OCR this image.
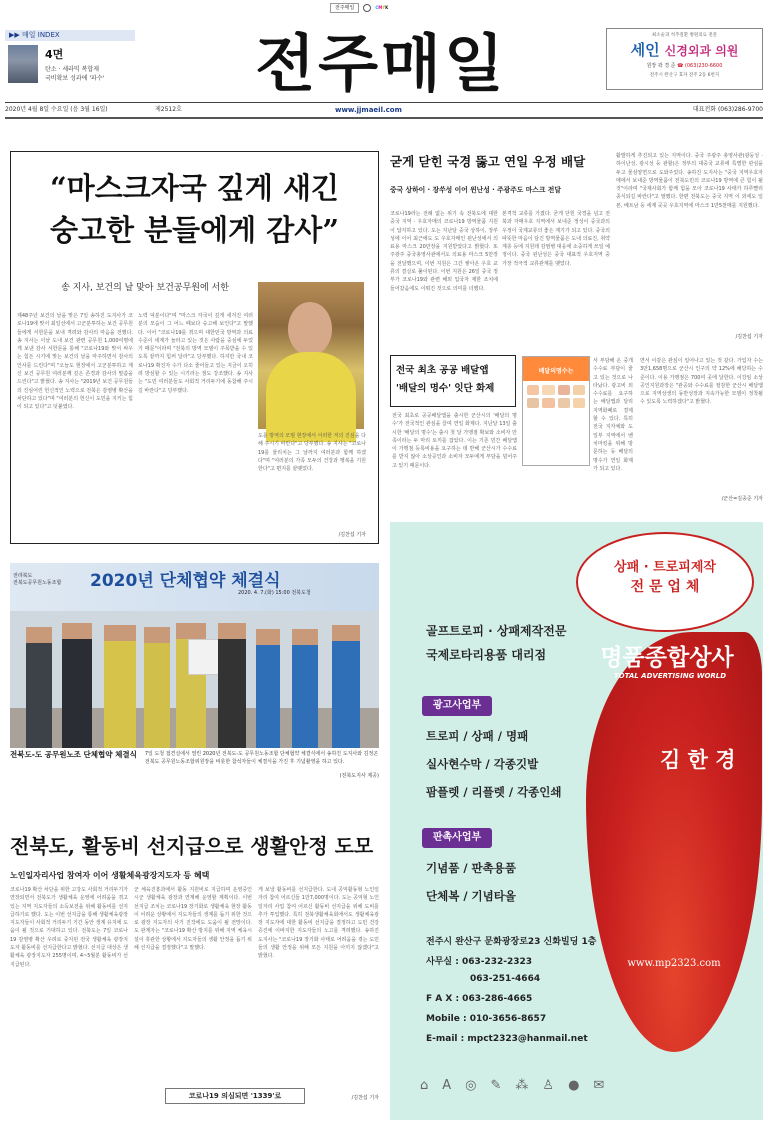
전주매일	CMYK
▶▶ 매일 INDEX
4면
탄소 · 세라믹 복합재
국비확보 성과에 '파수' 전주매일	최소술과 척추질환 병원의료 전문
세인 신경외과 의원
원장 곽 경 준 ☎ (063)230-6600
전주시 완산구 효자 전주 2동 6번지
2020년 4월 8일 수요일 (음 3월 16일)	제2512호	www.jjmaeil.com	대표전화 (063)286-9700
“마스크자국 깊게 새긴
숭고한 분들에게 감사”
송 지사, 보건의 날 맞아 보건공무원에 서한
제48주년 보건의 날을 맞은 7일 송하진 도지사가 코로나19에 맞서 최일선에서 고군분투하는 보건 공무원들에게 서한문을 보내 격려와 감사의 마음을 전했다. 송 지사는 이날 도내 보건 관련 공무원 1,000여명에게 보낸 감사 서한문을 통해 "코로나19와 맞서 싸우는 힘든 시기에 맞는 보건의 날을 마주하면서 감사의 인사를 드린다"며 "오늘도 현장에서 고군분투하고 계신 보건 공무원 여러분께 깊은 존경과 감사의 말씀을 드린다"고 밝혔다. 송 지사는 "2019년 보건 공무원들의 진심어린 헌신적인 노력으로 전북은 감염병 확산을 차단하고 있다"며 "여러분의 헌신이 도민을 지키는 힘이 되고 있다"고 덧붙였다.
노력 덕분이다"며 "마스크 자국이 깊게 새겨진 여러분의 모습이 그 어느 때보다 숭고해 보인다"고 말했다. 이어 "코로나19를 겪으며 대한민국 방역과 의료 수준이 세계가 놀라고 있는 것은 사람을 중심에 두었기 때문"이라며 "전북의 방역 모델이 주목받을 수 있도록 끝까지 힘써 달라"고 당부했다. 하지만 국내 코로나19 확진자 수가 다소 줄어들고 있는 지금이 오히려 방심할 수 있는 시기라는 점도 강조했다. 송 지사는 "도민 여러분들도 사회적 거리두기에 동참해 주시길 바란다"고 당부했다.
도를 방역의 모범 현장에서 이러한 저의 진심을 다해 주시기 바란다"고 당부했다. 송 지사는 "코로나19를 물리치는 그 날까지 여러분과 함께 하겠다"며 "여러분의 가족 모두의 건강과 행복을 기원한다"고 편지를 끝맺었다.
/김찬섭 기자
전라북도
전북도공무원노동조합 2020년 단체협약 체결식
2020. 4. 7.(화) 15:00 전북도청
전북도-도 공무원노조 단체협약 체결식 7일 도청 접견실에서 열린 2020년 전북도-도 공무원노동조합 단체협약 체결식에서 송하진 도지사와 김정곤 전북도 공무원노동조합위원장을 비롯한 참석자들이 체결식을 가진 후 기념촬영을 하고 있다.
(전북도지사 제공)
전북도, 활동비 선지급으로 생활안정 도모
노인일자리사업 참여자 이어 생활체육광장지도자 등 혜택
코로나19 확산 차단을 위한 고강도 사회적 거리두기가 연장되면서 전북도가 생활체육 운영에 어려움을 겪고 있는 지역 지도자들의 소득보전을 위해 활동비를 선지급하기로 했다. 도는 이번 선지급을 통해 생활체육광장지도자들이 사회적 거리두기 기간 동안 생계 유지에 도움이 될 것으로 기대하고 있다. 전북도는 7일 코로나19 감염병 확산 우려로 중지된 전국 생활체육 광장지도자 활동비를 선지급한다고 밝혔다. 선지급 대상은 생활체육 광장지도자 255명이며, 4~5월분 활동비가 선지급된다.
군 체육진흥과에서 활동 지원비로 지급하며 운영중인 시군 생활체육 광장과 연계해 운영할 계획이다. 이번 선지급 조치는 코로나19 장기화로 생활체육 현장 활동이 어려운 상황에서 지도자들의 생계를 돕기 위한 것으로 광장 지도자의 사기 진작에도 도움이 될 전망이다. 도 관계자는 "코로나19 확산 방지를 위해 지역 체육시설이 휴관한 상황에서 지도자들의 생활 안정을 돕기 위해 선지급을 결정했다"고 말했다.
게 보낼 활동비를 선지급한다. 도내 공익활동형 노인일자리 참여 어르신들 1만7,000명이다. 도는 공익형 노인일자리 사업 참여 어르신 활동비 선지급을 위해 도비를 추가 투입했다. 특히 전북생활체육회에서도 생활체육광장 지도자에 대한 활동비 선지급을 결정하고 도민 건강 증진에 이바지한 지도자들의 노고를 격려했다. 송하진 도지사는 "코로나19 장기화 사태로 어려움을 겪는 도민들의 생활 안정을 위해 모든 지원을 아끼지 않겠다"고 밝혔다.
/김찬섭 기자
코로나19 의심되면 '1339'로
굳게 닫힌 국경 뚫고 연일 우정 배달
중국 상하이 · 장쑤성 이어 윈난성 · 주광주도 마스크 전달
코로나19라는 전례 없는 위기 속 전북도에 대한 중국 지역 · 우호자매의 코로나19 방역물품 지원이 답지하고 있다. 도는 지난달 중국 상하이, 장쑤성에 이어 최근에도 도 우호자매인 윈난성에서 의료용 마스크 20만장을 지원받았다고 밝혔다. 또 주광주 중국총영사관에서도 의료용 마스크 5만장을 전달했으며, 이번 지원은 그간 쌓아온 우호 교류의 결실로 풀이된다. 이번 지원은 26일 중국 정부가 코로나19와 관련 해외 입국자 제한 조치에 들어갔음에도 이뤄진 것으로 의미를 더했다.
본격적 교류를 가졌다. 굳게 닫힌 국경을 넘고 전북과 자매우호 지역에서 보내준 정성이 중국과의 우정이 국제교류의 좋은 계기가 되고 있다. 중국의 따뜻한 마음이 담긴 방역물품은 도내 의료진, 취약계층 등에 지원돼 감염병 대응에 소중하게 쓰일 예정이다. 중국 윈난성은 중국 대표적 우호지역 중 가장 적극적 교류관계를 맺었다.
활발하게 추진되고 있는 지역이다. 중국 주광주 총영사관(광둥성 · 하이난성, 광시성 등 관할)은 정부의 대중국 교류에 특별한 관심을 두고 물심양면으로 도와주었다. 송하진 도지사는 "중국 지역우호자매에서 보내준 방역물품이 전북도민의 코로나19 방역에 큰 힘이 될 것"이라며 "국제사회가 함께 힘을 모아 코로나19 사태가 하루빨리 종식되길 바란다"고 말했다. 한편 전북도는 중국 지역 이 외에도 일본, 베트남 등 세계 곳곳 우호지역에 마스크 1만5천매를 지원했다.
/김찬섭 기자
전국 최초 공공 배달앱
'배달의 명수' 잇단 화제
배달의명수는
전국 최초로 공공배달앱을 출시한 군산시의 '배달의 명수'가 전국적인 관심을 끌며 연일 화제다. 지난달 13일 출시한 '배달의 명수'는 출시 첫 달 가맹점 확보와 소비자 만족이라는 두 마리 토끼를 잡았다. 이는 기존 민간 배달앱이 가맹점 등록비용을 요구하는 데 반해 군산시가 수수료를 받지 않아 소상공인과 소비자 모두에게 부담을 덜어주고 있기 때문이다.
서 부담해 온 중개수수료 부담이 줄고 있는 것으로 나타났다. 광고비 외 수수료를 요구하는 배달앱과 달리 지역화폐로 결제할 수 있다. 특히 전국 지자체와 도 일부 지역에서 벤치마킹을 위해 방문하는 등 배달의 명수가 연일 화제가 되고 있다.
면서 이같은 관심이 일어나고 있는 것 같다. 가입자 수는 3만1,658명으로 군산시 인구의 약 12%에 해당하는 수준이다. 이용 가맹점은 700여 곳에 달한다. 이강임 소상공인지원과장은 "관공와 수수료를 절감한 군산시 배달앱으로 지역상생의 동반성장과 지속가능한 모델이 정착될 수 있도록 노력하겠다"고 밝혔다.
/군산=김종준 기자
상패 · 트로피제작
전 문 업 체
명품종합상사
TOTAL ADVERTISING WORLD
김 한 경
www.mp2323.com
골프트로피 · 상패제작전문
국제로타리용품 대리점
광고사업부
트로피 / 상패 / 명패
실사현수막 / 각종깃발
팜플렛 / 리플렛 / 각종인쇄
판촉사업부
기념품 / 판촉용품
단체복 / 기념타올
전주시 완산구 문화광장로23 신화빌딩 1층
사무실 : 063-232-2323
063-251-4664
F A X : 063-286-4665
Mobile : 010-3656-8657
E-mail : mpct2323@hanmail.net
⌂ A ◎ ✎ ⁂ ♙ ● ✉
